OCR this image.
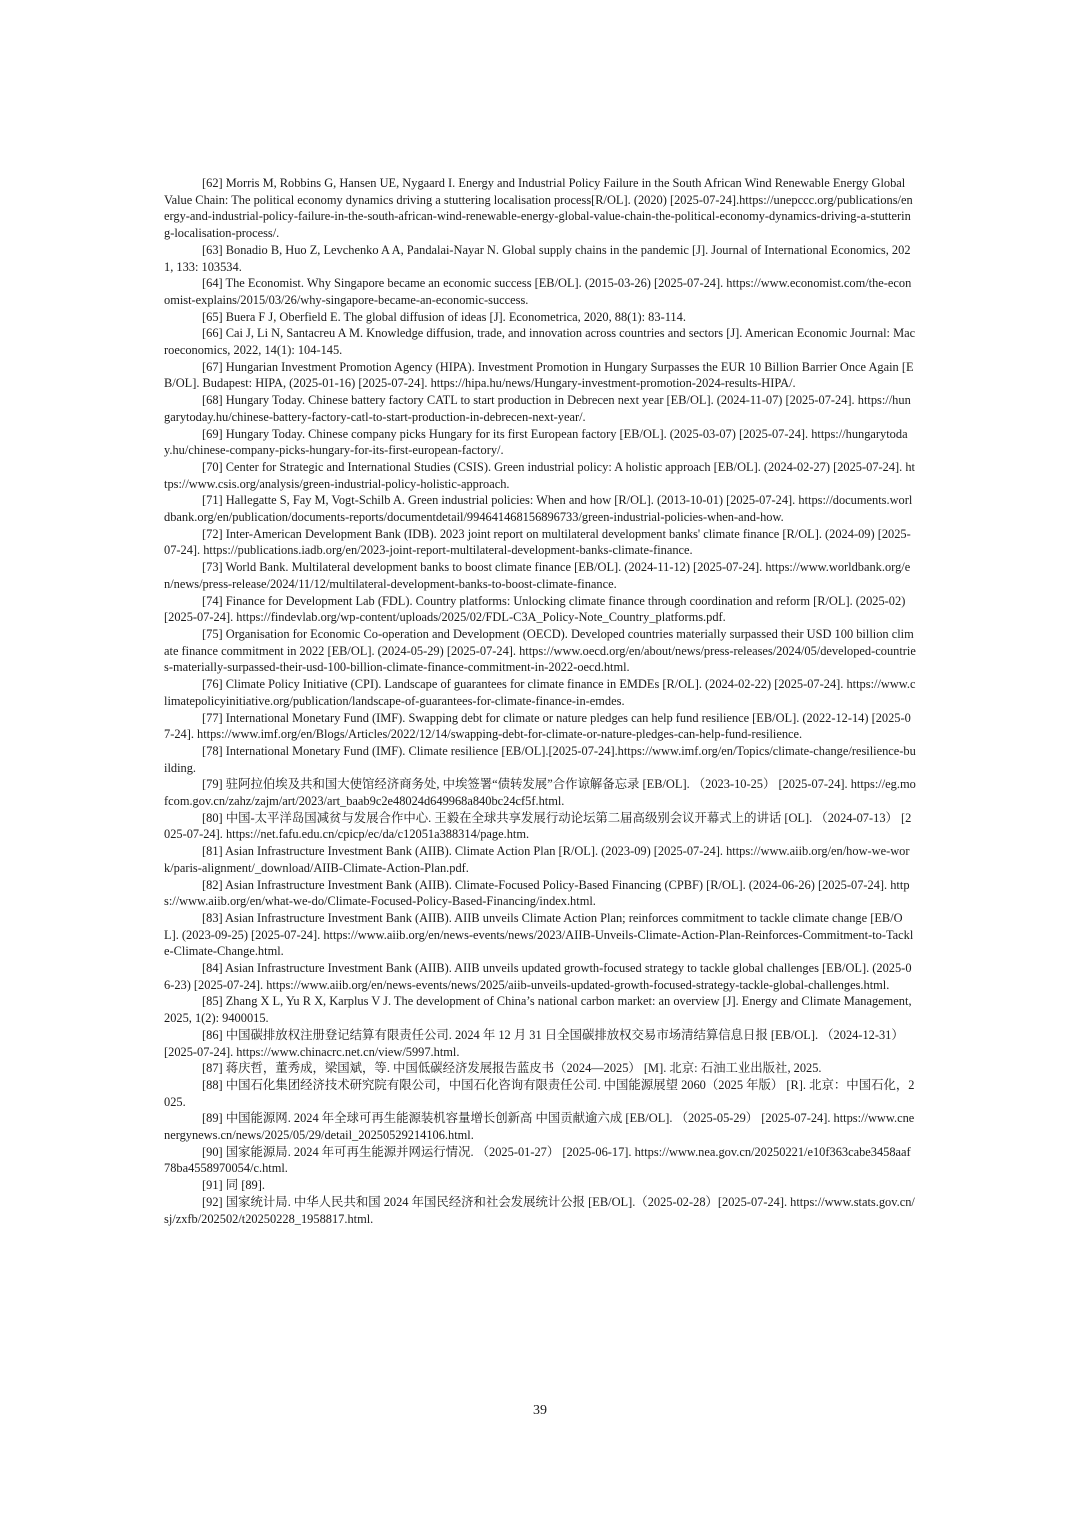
[62] Morris M, Robbins G, Hansen UE, Nygaard I. Energy and Industrial Policy Failure in the South African Wind Renewable Energy Global Value Chain: The political economy dynamics driving a stuttering localisation process[R/OL]. (2020) [2025-07-24].https://unepccc.org/publications/energy-and-industrial-policy-failure-in-the-south-african-wind-renewable-energy-global-value-chain-the-political-economy-dynamics-driving-a-stuttering-localisation-process/.

[63] Bonadio B, Huo Z, Levchenko A A, Pandalai-Nayar N. Global supply chains in the pandemic [J]. Journal of International Economics, 2021, 133: 103534.

[64] The Economist. Why Singapore became an economic success [EB/OL]. (2015-03-26) [2025-07-24]. https://www.economist.com/the-economist-explains/2015/03/26/why-singapore-became-an-economic-success.

[65] Buera F J, Oberfield E. The global diffusion of ideas [J]. Econometrica, 2020, 88(1): 83-114.

[66] Cai J, Li N, Santacreu A M. Knowledge diffusion, trade, and innovation across countries and sectors [J]. American Economic Journal: Macroeconomics, 2022, 14(1): 104-145.

[67] Hungarian Investment Promotion Agency (HIPA). Investment Promotion in Hungary Surpasses the EUR 10 Billion Barrier Once Again [EB/OL]. Budapest: HIPA, (2025-01-16) [2025-07-24]. https://hipa.hu/news/Hungary-investment-promotion-2024-results-HIPA/.

[68] Hungary Today. Chinese battery factory CATL to start production in Debrecen next year [EB/OL]. (2024-11-07) [2025-07-24]. https://hungarytoday.hu/chinese-battery-factory-catl-to-start-production-in-debrecen-next-year/.

[69] Hungary Today. Chinese company picks Hungary for its first European factory [EB/OL]. (2025-03-07) [2025-07-24]. https://hungarytoday.hu/chinese-company-picks-hungary-for-its-first-european-factory/.

[70] Center for Strategic and International Studies (CSIS). Green industrial policy: A holistic approach [EB/OL]. (2024-02-27) [2025-07-24]. https://www.csis.org/analysis/green-industrial-policy-holistic-approach.

[71] Hallegatte S, Fay M, Vogt-Schilb A. Green industrial policies: When and how [R/OL]. (2013-10-01) [2025-07-24]. https://documents.worldbank.org/en/publication/documents-reports/documentdetail/994641468156896733/green-industrial-policies-when-and-how.

[72] Inter-American Development Bank (IDB). 2023 joint report on multilateral development banks' climate finance [R/OL]. (2024-09) [2025-07-24]. https://publications.iadb.org/en/2023-joint-report-multilateral-development-banks-climate-finance.

[73] World Bank. Multilateral development banks to boost climate finance [EB/OL]. (2024-11-12) [2025-07-24]. https://www.worldbank.org/en/news/press-release/2024/11/12/multilateral-development-banks-to-boost-climate-finance.

[74] Finance for Development Lab (FDL). Country platforms: Unlocking climate finance through coordination and reform [R/OL]. (2025-02) [2025-07-24]. https://findevlab.org/wp-content/uploads/2025/02/FDL-C3A_Policy-Note_Country_platforms.pdf.

[75] Organisation for Economic Co-operation and Development (OECD). Developed countries materially surpassed their USD 100 billion climate finance commitment in 2022 [EB/OL]. (2024-05-29) [2025-07-24]. https://www.oecd.org/en/about/news/press-releases/2024/05/developed-countries-materially-surpassed-their-usd-100-billion-climate-finance-commitment-in-2022-oecd.html.

[76] Climate Policy Initiative (CPI). Landscape of guarantees for climate finance in EMDEs [R/OL]. (2024-02-22) [2025-07-24]. https://www.climatepolicyinitiative.org/publication/landscape-of-guarantees-for-climate-finance-in-emdes.

[77] International Monetary Fund (IMF). Swapping debt for climate or nature pledges can help fund resilience [EB/OL]. (2022-12-14) [2025-07-24]. https://www.imf.org/en/Blogs/Articles/2022/12/14/swapping-debt-for-climate-or-nature-pledges-can-help-fund-resilience.

[78] International Monetary Fund (IMF). Climate resilience [EB/OL].[2025-07-24].https://www.imf.org/en/Topics/climate-change/resilience-building.

[79] 驻阿拉伯埃及共和国大使馆经济商务处, 中埃签署“债转发展”合作谅解备忘录 [EB/OL]. （2023-10-25） [2025-07-24]. https://eg.mofcom.gov.cn/zahz/zajm/art/2023/art_baab9c2e48024d649968a840bc24cf5f.html.

[80] 中国-太平洋岛国减贫与发展合作中心. 王毅在全球共享发展行动论坛第二届高级别会议开幕式上的讲话 [OL]. （2024-07-13） [2025-07-24]. https://net.fafu.edu.cn/cpicp/ec/da/c12051a388314/page.htm.

[81] Asian Infrastructure Investment Bank (AIIB). Climate Action Plan [R/OL]. (2023-09) [2025-07-24]. https://www.aiib.org/en/how-we-work/paris-alignment/_download/AIIB-Climate-Action-Plan.pdf.

[82] Asian Infrastructure Investment Bank (AIIB). Climate-Focused Policy-Based Financing (CPBF) [R/OL]. (2024-06-26) [2025-07-24]. https://www.aiib.org/en/what-we-do/Climate-Focused-Policy-Based-Financing/index.html.

[83] Asian Infrastructure Investment Bank (AIIB). AIIB unveils Climate Action Plan; reinforces commitment to tackle climate change [EB/OL]. (2023-09-25) [2025-07-24]. https://www.aiib.org/en/news-events/news/2023/AIIB-Unveils-Climate-Action-Plan-Reinforces-Commitment-to-Tackle-Climate-Change.html.

[84] Asian Infrastructure Investment Bank (AIIB). AIIB unveils updated growth-focused strategy to tackle global challenges [EB/OL]. (2025-06-23) [2025-07-24]. https://www.aiib.org/en/news-events/news/2025/aiib-unveils-updated-growth-focused-strategy-tackle-global-challenges.html.

[85] Zhang X L, Yu R X, Karplus V J. The development of China’s national carbon market: an overview [J]. Energy and Climate Management, 2025, 1(2): 9400015.

[86] 中国碳排放权注册登记结算有限责任公司. 2024 年 12 月 31 日全国碳排放权交易市场清结算信息日报 [EB/OL]. （2024-12-31） [2025-07-24]. https://www.chinacrc.net.cn/view/5997.html.

[87] 蒋庆哲，董秀成，梁国斌，等. 中国低碳经济发展报告蓝皮书（2024—2025） [M]. 北京: 石油工业出版社, 2025.

[88] 中国石化集团经济技术研究院有限公司，中国石化咨询有限责任公司. 中国能源展望 2060（2025 年版） [R]. 北京：中国石化，2025.

[89] 中国能源网. 2024 年全球可再生能源装机容量增长创新高 中国贡献逾六成 [EB/OL]. （2025-05-29） [2025-07-24]. https://www.cnenergynews.cn/news/2025/05/29/detail_20250529214106.html.

[90] 国家能源局. 2024 年可再生能源并网运行情况. （2025-01-27） [2025-06-17]. https://www.nea.gov.cn/20250221/e10f363cabe3458aaf78ba4558970054/c.html.

[91] 同 [89].

[92] 国家统计局. 中华人民共和国 2024 年国民经济和社会发展统计公报 [EB/OL].（2025-02-28）[2025-07-24]. https://www.stats.gov.cn/sj/zxfb/202502/t20250228_1958817.html.

39
